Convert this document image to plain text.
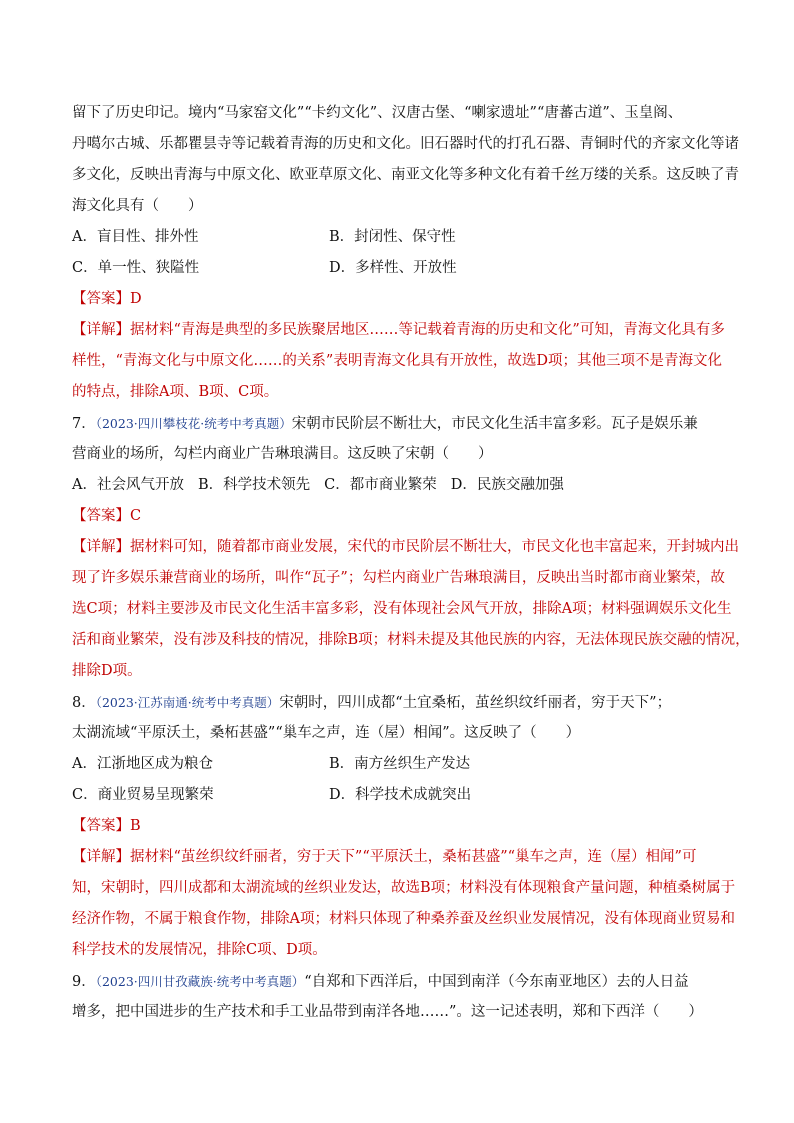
留下了历史印记。境内“马家窑文化”“卡约文化”、汉唐古堡、“喇家遗址”“唐蕃古道”、玉皇阁、
丹噶尔古城、乐都瞿昙寺等记载着青海的历史和文化。旧石器时代的打孔石器、青铜时代的齐家文化等诸
多文化，反映出青海与中原文化、欧亚草原文化、南亚文化等多种文化有着千丝万缕的关系。这反映了青
海文化具有（　　）
A．盲目性、排外性	B．封闭性、保守性
C．单一性、狭隘性	D．多样性、开放性
【答案】D
【详解】据材料“青海是典型的多民族聚居地区……等记载着青海的历史和文化”可知，青海文化具有多
样性，“青海文化与中原文化……的关系”表明青海文化具有开放性，故选D项；其他三项不是青海文化
的特点，排除A项、B项、C项。
7．（2023·四川攀枝花·统考中考真题）宋朝市民阶层不断壮大，市民文化生活丰富多彩。瓦子是娱乐兼
营商业的场所，勾栏内商业广告琳琅满目。这反映了宋朝（　　）
A．社会风气开放 B．科学技术领先 C．都市商业繁荣 D．民族交融加强
【答案】C
【详解】据材料可知，随着都市商业发展，宋代的市民阶层不断壮大，市民文化也丰富起来，开封城内出
现了许多娱乐兼营商业的场所，叫作“瓦子”；勾栏内商业广告琳琅满目，反映出当时都市商业繁荣，故
选C项；材料主要涉及市民文化生活丰富多彩，没有体现社会风气开放，排除A项；材料强调娱乐文化生
活和商业繁荣，没有涉及科技的情况，排除B项；材料未提及其他民族的内容，无法体现民族交融的情况，
排除D项。
8．（2023·江苏南通·统考中考真题）宋朝时，四川成都“土宜桑柘，茧丝织纹纤丽者，穷于天下”；
太湖流域“平原沃土，桑柘甚盛”“巢车之声，连（屋）相闻”。这反映了（　　）
A．江浙地区成为粮仓	B．南方丝织生产发达
C．商业贸易呈现繁荣	D．科学技术成就突出
【答案】B
【详解】据材料“茧丝织纹纤丽者，穷于天下”“平原沃土，桑柘甚盛”“巢车之声，连（屋）相闻”可
知，宋朝时，四川成都和太湖流域的丝织业发达，故选B项；材料没有体现粮食产量问题，种植桑树属于
经济作物，不属于粮食作物，排除A项；材料只体现了种桑养蚕及丝织业发展情况，没有体现商业贸易和
科学技术的发展情况，排除C项、D项。
9．（2023·四川甘孜藏族·统考中考真题）“自郑和下西洋后，中国到南洋（今东南亚地区）去的人日益
增多，把中国进步的生产技术和手工业品带到南洋各地……”。这一记述表明，郑和下西洋（　　）
